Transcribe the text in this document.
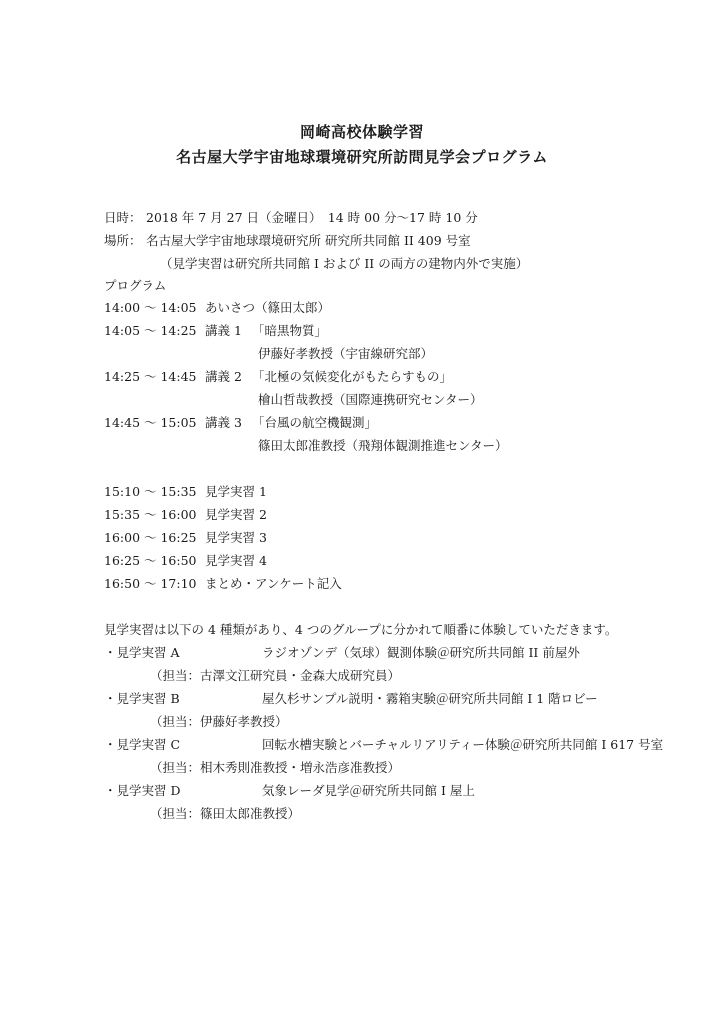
岡崎高校体験学習
名古屋大学宇宙地球環境研究所訪問見学会プログラム
日時： 2018 年 7 月 27 日（金曜日）　14 時 00 分～17 時 10 分
場所： 名古屋大学宇宙地球環境研究所 研究所共同館 II 409 号室
（見学実習は研究所共同館 I および II の両方の建物内外で実施）
プログラム
14:00 ～ 14:05 あいさつ（篠田太郎）
14:05 ～ 14:25 講義 1 「暗黒物質」
伊藤好孝教授（宇宙線研究部）
14:25 ～ 14:45 講義 2 「北極の気候変化がもたらすもの」
檜山哲哉教授（国際連携研究センター）
14:45 ～ 15:05 講義 3 「台風の航空機観測」
篠田太郎准教授（飛翔体観測推進センター）
15:10 ～ 15:35 見学実習 1
15:35 ～ 16:00 見学実習 2
16:00 ～ 16:25 見学実習 3
16:25 ～ 16:50 見学実習 4
16:50 ～ 17:10 まとめ・アンケート記入
見学実習は以下の 4 種類があり、4 つのグループに分かれて順番に体験していただきます。
・見学実習 A	ラジオゾンデ（気球）観測体験＠研究所共同館 II 前屋外
（担当：古澤文江研究員・金森大成研究員）
・見学実習 B	屋久杉サンプル説明・霧箱実験＠研究所共同館 I 1 階ロビー
（担当：伊藤好孝教授）
・見学実習 C	回転水槽実験とバーチャルリアリティー体験＠研究所共同館 I 617 号室
（担当：相木秀則准教授・増永浩彦准教授）
・見学実習 D	気象レーダ見学＠研究所共同館 I 屋上
（担当：篠田太郎准教授）
